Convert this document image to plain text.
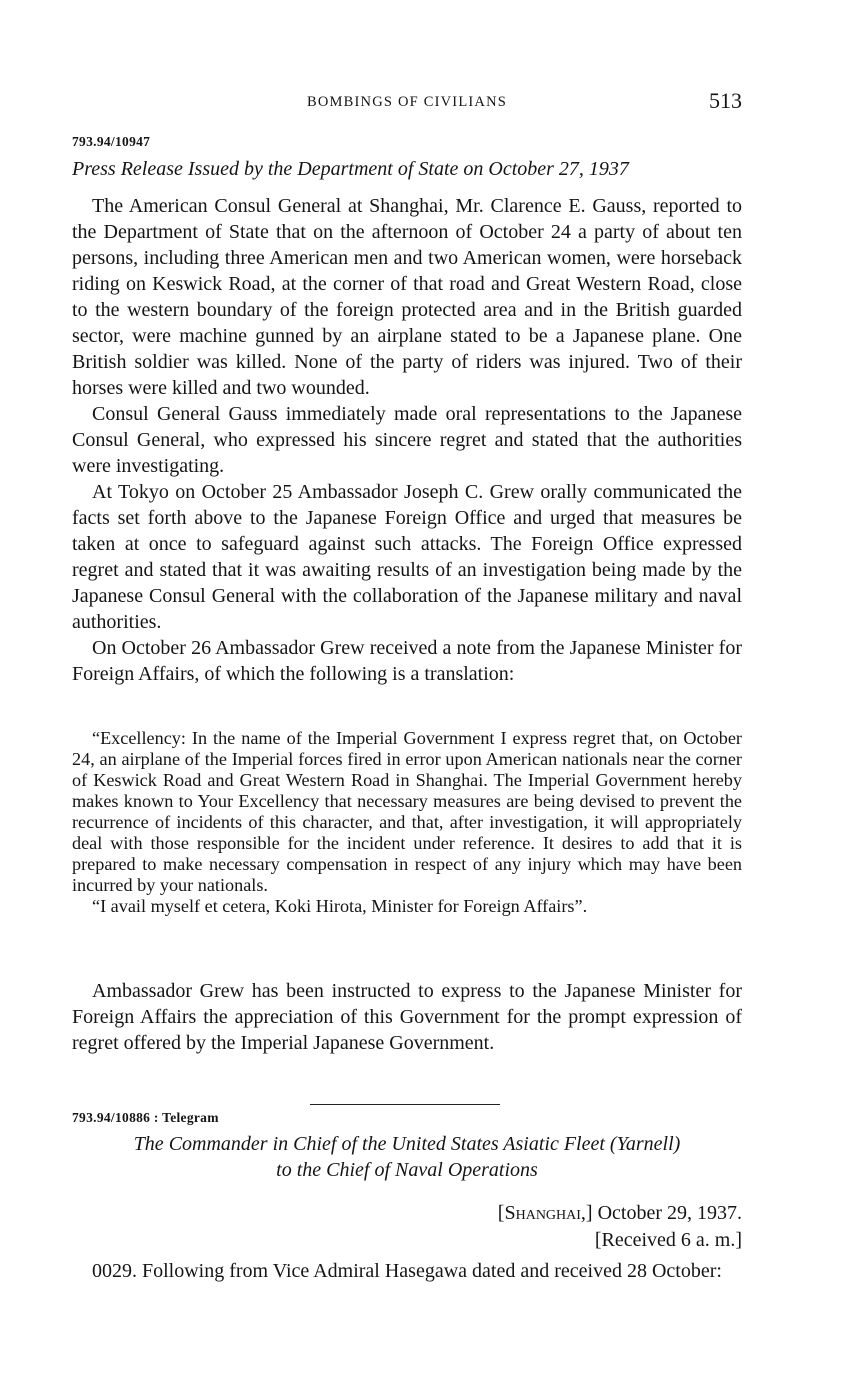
BOMBINGS OF CIVILIANS	513
793.94/10947
Press Release Issued by the Department of State on October 27, 1937

The American Consul General at Shanghai, Mr. Clarence E. Gauss, reported to the Department of State that on the afternoon of October 24 a party of about ten persons, including three American men and two American women, were horseback riding on Keswick Road, at the corner of that road and Great Western Road, close to the western boundary of the foreign protected area and in the British guarded sector, were machine gunned by an airplane stated to be a Japanese plane. One British soldier was killed. None of the party of riders was injured. Two of their horses were killed and two wounded.

Consul General Gauss immediately made oral representations to the Japanese Consul General, who expressed his sincere regret and stated that the authorities were investigating.

At Tokyo on October 25 Ambassador Joseph C. Grew orally communicated the facts set forth above to the Japanese Foreign Office and urged that measures be taken at once to safeguard against such attacks. The Foreign Office expressed regret and stated that it was awaiting results of an investigation being made by the Japanese Consul General with the collaboration of the Japanese military and naval authorities.

On October 26 Ambassador Grew received a note from the Japanese Minister for Foreign Affairs, of which the following is a translation:

“Excellency: In the name of the Imperial Government I express regret that, on October 24, an airplane of the Imperial forces fired in error upon American nationals near the corner of Keswick Road and Great Western Road in Shanghai. The Imperial Government hereby makes known to Your Excellency that necessary measures are being devised to prevent the recurrence of incidents of this character, and that, after investigation, it will appropriately deal with those responsible for the incident under reference. It desires to add that it is prepared to make necessary compensation in respect of any injury which may have been incurred by your nationals.

“I avail myself et cetera, Koki Hirota, Minister for Foreign Affairs”.

Ambassador Grew has been instructed to express to the Japanese Minister for Foreign Affairs the appreciation of this Government for the prompt expression of regret offered by the Imperial Japanese Government.

793.94/10886 : Telegram
The Commander in Chief of the United States Asiatic Fleet (Yarnell)
to the Chief of Naval Operations
[Shanghai,] October 29, 1937.
[Received 6 a. m.]

0029. Following from Vice Admiral Hasegawa dated and received 28 October:
